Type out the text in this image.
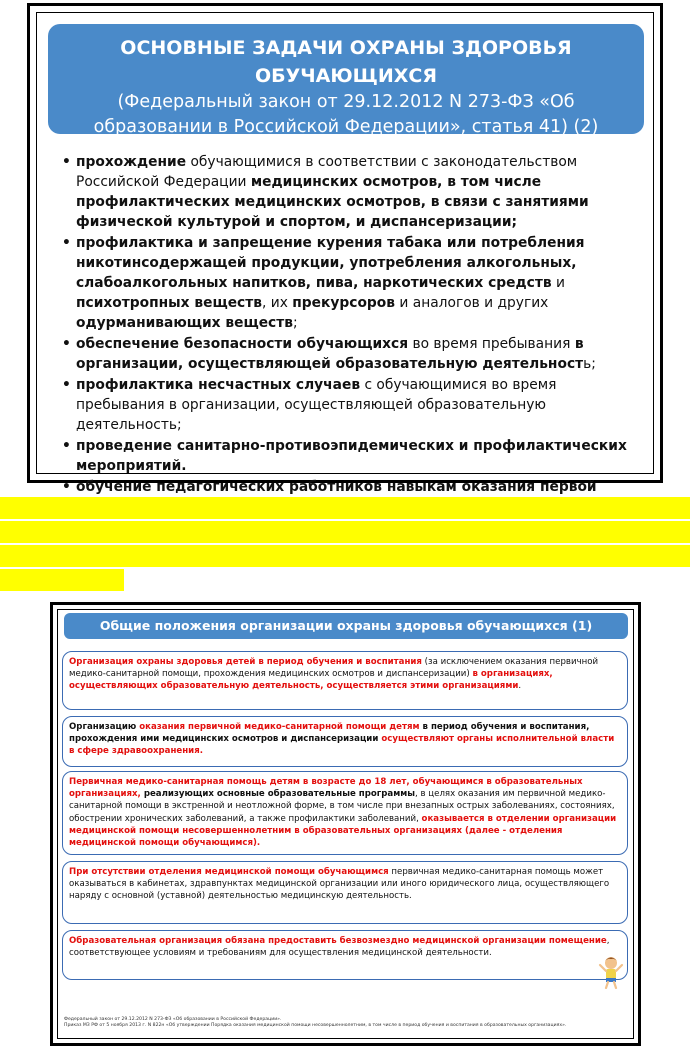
ОСНОВНЫЕ ЗАДАЧИ ОХРАНЫ ЗДОРОВЬЯ ОБУЧАЮЩИХСЯ
(Федеральный закон от 29.12.2012 N 273-ФЗ «Об образовании в Российской Федерации», статья 41) (2)
• прохождение обучающимися в соответствии с законодательством Российской Федерации медицинских осмотров, в том числе профилактических медицинских осмотров, в связи с занятиями физической культурой и спортом, и диспансеризации;
• профилактика и запрещение курения табака или потребления никотинсодержащей продукции, употребления алкогольных, слабоалкогольных напитков, пива, наркотических средств и психотропных веществ, их прекурсоров и аналогов и других одурманивающих веществ;
• обеспечение безопасности обучающихся во время пребывания в организации, осуществляющей образовательную деятельность;
• профилактика несчастных случаев с обучающимися во время пребывания в организации, осуществляющей образовательную деятельность;
• проведение санитарно-противоэпидемических и профилактических мероприятий.
• обучение педагогических работников навыкам оказания первой
Общие положения организации охраны здоровья обучающихся (1)

Организация охраны здоровья детей в период обучения и воспитания (за исключением оказания первичной медико-санитарной помощи, прохождения медицинских осмотров и диспансеризации) в организациях, осуществляющих образовательную деятельность, осуществляется этими организациями.

Организацию оказания первичной медико-санитарной помощи детям в период обучения и воспитания, прохождения ими медицинских осмотров и диспансеризации осуществляют органы исполнительной власти в сфере здравоохранения.

Первичная медико-санитарная помощь детям в возрасте до 18 лет, обучающимся в образовательных организациях, реализующих основные образовательные программы, в целях оказания им первичной медико-санитарной помощи в экстренной и неотложной форме, в том числе при внезапных острых заболеваниях, состояниях, обострении хронических заболеваний, а также профилактики заболеваний, оказывается в отделении организации медицинской помощи несовершеннолетним в образовательных организациях (далее - отделения медицинской помощи обучающимся).

При отсутствии отделения медицинской помощи обучающимся первичная медико-санитарная помощь может оказываться в кабинетах, здравпунктах медицинской организации или иного юридического лица, осуществляющего наряду с основной (уставной) деятельностью медицинскую деятельность.

Образовательная организация обязана предоставить безвозмездно медицинской организации помещение, соответствующее условиям и требованиям для осуществления медицинской деятельности.

Федеральный закон от 29.12.2012 N 273-ФЗ «Об образовании в Российской Федерации».
Приказ МЗ РФ от 5 ноября 2013 г. N 822н «Об утверждении Порядка оказания медицинской помощи несовершеннолетним, в том числе в период обучения и воспитания в образовательных организациях».
